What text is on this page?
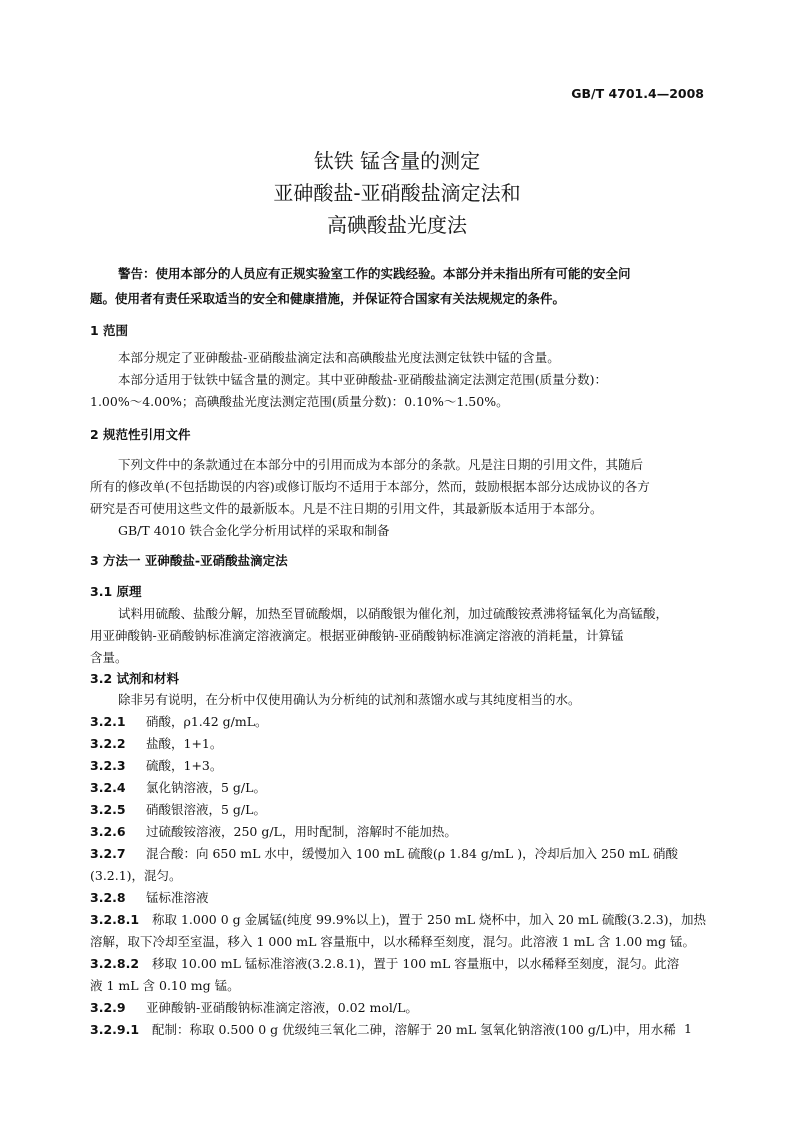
GB/T 4701.4—2008
钛铁 锰含量的测定
亚砷酸盐-亚硝酸盐滴定法和
高碘酸盐光度法
警告：使用本部分的人员应有正规实验室工作的实践经验。本部分并未指出所有可能的安全问
题。使用者有责任采取适当的安全和健康措施，并保证符合国家有关法规规定的条件。
1 范围
本部分规定了亚砷酸盐-亚硝酸盐滴定法和高碘酸盐光度法测定钛铁中锰的含量。
本部分适用于钛铁中锰含量的测定。其中亚砷酸盐-亚硝酸盐滴定法测定范围(质量分数)：
1.00%～4.00%；高碘酸盐光度法测定范围(质量分数)：0.10%～1.50%。
2 规范性引用文件
下列文件中的条款通过在本部分中的引用而成为本部分的条款。凡是注日期的引用文件，其随后
所有的修改单(不包括勘误的内容)或修订版均不适用于本部分，然而，鼓励根据本部分达成协议的各方
研究是否可使用这些文件的最新版本。凡是不注日期的引用文件，其最新版本适用于本部分。
GB/T 4010 铁合金化学分析用试样的采取和制备
3 方法一 亚砷酸盐-亚硝酸盐滴定法
3.1 原理
试料用硫酸、盐酸分解，加热至冒硫酸烟，以硝酸银为催化剂，加过硫酸铵煮沸将锰氧化为高锰酸，
用亚砷酸钠-亚硝酸钠标准滴定溶液滴定。根据亚砷酸钠-亚硝酸钠标准滴定溶液的消耗量，计算锰
含量。
3.2 试剂和材料
除非另有说明，在分析中仅使用确认为分析纯的试剂和蒸馏水或与其纯度相当的水。
3.2.1 硝酸，ρ1.42 g/mL。
3.2.2 盐酸，1+1。
3.2.3 硫酸，1+3。
3.2.4 氯化钠溶液，5 g/L。
3.2.5 硝酸银溶液，5 g/L。
3.2.6 过硫酸铵溶液，250 g/L，用时配制，溶解时不能加热。
3.2.7 混合酸：向 650 mL 水中，缓慢加入 100 mL 硫酸(ρ 1.84 g/mL )，冷却后加入 250 mL 硝酸
(3.2.1)，混匀。
3.2.8 锰标准溶液
3.2.8.1 称取 1.000 0 g 金属锰(纯度 99.9%以上)，置于 250 mL 烧杯中，加入 20 mL 硫酸(3.2.3)，加热
溶解，取下冷却至室温，移入 1 000 mL 容量瓶中，以水稀释至刻度，混匀。此溶液 1 mL 含 1.00 mg 锰。
3.2.8.2 移取 10.00 mL 锰标准溶液(3.2.8.1)，置于 100 mL 容量瓶中，以水稀释至刻度，混匀。此溶
液 1 mL 含 0.10 mg 锰。
3.2.9 亚砷酸钠-亚硝酸钠标准滴定溶液，0.02 mol/L。
3.2.9.1 配制：称取 0.500 0 g 优级纯三氧化二砷，溶解于 20 mL 氢氧化钠溶液(100 g/L)中，用水稀 1
